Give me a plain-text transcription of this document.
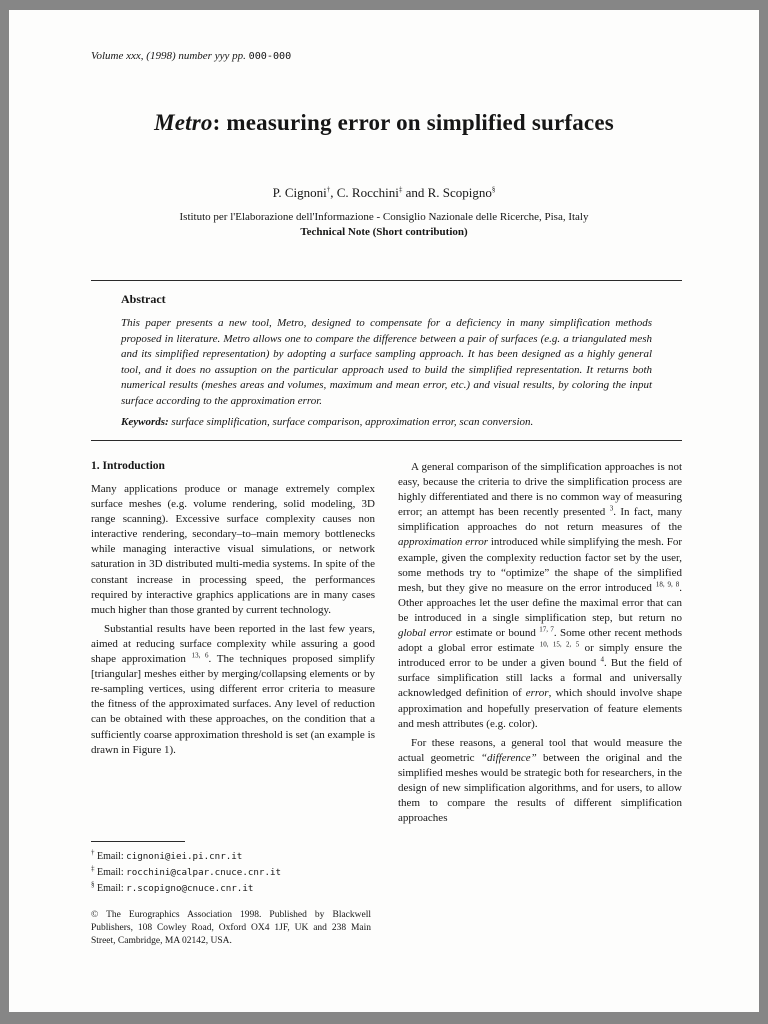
Volume xxx, (1998) number yyy pp. 000-000
Metro: measuring error on simplified surfaces
P. Cignoni†, C. Rocchini‡ and R. Scopigno§
Istituto per l'Elaborazione dell'Informazione - Consiglio Nazionale delle Ricerche, Pisa, Italy
Technical Note (Short contribution)
Abstract

This paper presents a new tool, Metro, designed to compensate for a deficiency in many simplification methods proposed in literature. Metro allows one to compare the difference between a pair of surfaces (e.g. a triangulated mesh and its simplified representation) by adopting a surface sampling approach. It has been designed as a highly general tool, and it does no assuption on the particular approach used to build the simplified representation. It returns both numerical results (meshes areas and volumes, maximum and mean error, etc.) and visual results, by coloring the input surface according to the approximation error.

Keywords: surface simplification, surface comparison, approximation error, scan conversion.

1. Introduction

Many applications produce or manage extremely complex surface meshes (e.g. volume rendering, solid modeling, 3D range scanning). Excessive surface complexity causes non interactive rendering, secondary–to–main memory bottlenecks while managing interactive visual simulations, or network saturation in 3D distributed multi-media systems. In spite of the constant increase in processing speed, the performances required by interactive graphics applications are in many cases much higher than those granted by current technology.

Substantial results have been reported in the last few years, aimed at reducing surface complexity while assuring a good shape approximation $^{13, 6}$. The techniques proposed simplify [triangular] meshes either by merging/collapsing elements or by re-sampling vertices, using different error criteria to measure the fitness of the approximated surfaces. Any level of reduction can be obtained with these approaches, on the condition that a sufficiently coarse approximation threshold is set (an example is drawn in Figure 1).

A general comparison of the simplification approaches is not easy, because the criteria to drive the simplification process are highly differentiated and there is no common way of measuring error; an attempt has been recently presented $^3$. In fact, many simplification approaches do not return measures of the approximation error introduced while simplifying the mesh. For example, given the complexity reduction factor set by the user, some methods try to “optimize” the shape of the simplified mesh, but they give no measure on the error introduced $^{18, 9, 8}$. Other approaches let the user define the maximal error that can be introduced in a single simplification step, but return no global error estimate or bound $^{17, 7}$. Some other recent methods adopt a global error estimate $^{10, 15, 2, 5}$ or simply ensure the introduced error to be under a given bound $^4$. But the field of surface simplification still lacks a formal and universally acknowledged definition of error, which should involve shape approximation and hopefully preservation of feature elements and mesh attributes (e.g. color).

For these reasons, a general tool that would measure the actual geometric “difference” between the original and the simplified meshes would be strategic both for researchers, in the design of new simplification algorithms, and for users, to allow them to compare the results of different simplification approaches

† Email: cignoni@iei.pi.cnr.it
‡ Email: rocchini@calpar.cnuce.cnr.it
§ Email: r.scopigno@cnuce.cnr.it
© The Eurographics Association 1998. Published by Blackwell Publishers, 108 Cowley Road, Oxford OX4 1JF, UK and 238 Main Street, Cambridge, MA 02142, USA.
